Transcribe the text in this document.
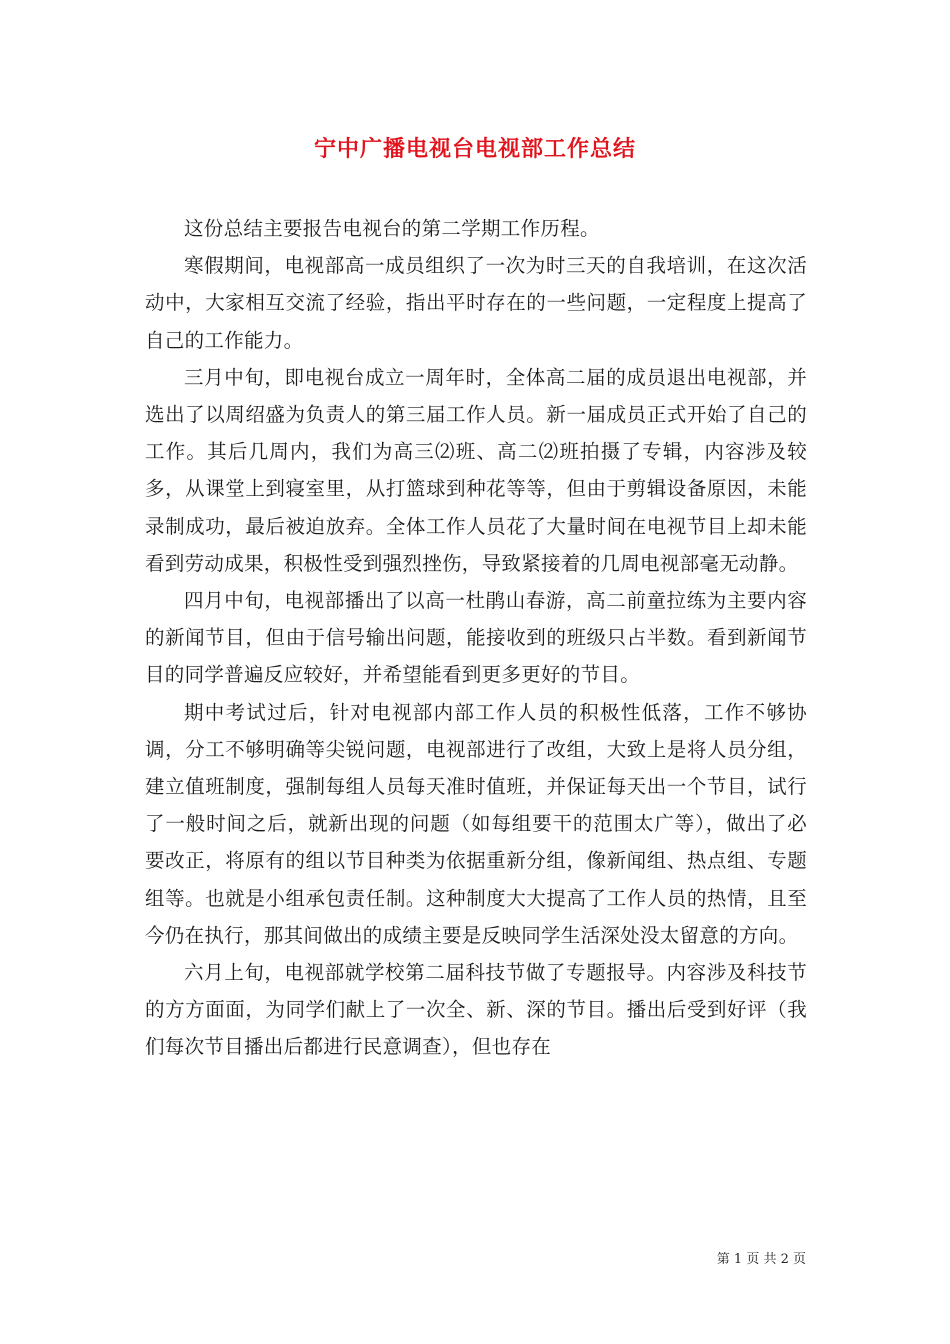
宁中广播电视台电视部工作总结

这份总结主要报告电视台的第二学期工作历程。

寒假期间，电视部高一成员组织了一次为时三天的自我培训，在这次活动中，大家相互交流了经验，指出平时存在的一些问题，一定程度上提高了自己的工作能力。

三月中旬，即电视台成立一周年时，全体高二届的成员退出电视部，并选出了以周绍盛为负责人的第三届工作人员。新一届成员正式开始了自己的工作。其后几周内，我们为高三⑵班、高二⑵班拍摄了专辑，内容涉及较多，从课堂上到寝室里，从打篮球到种花等等，但由于剪辑设备原因，未能录制成功，最后被迫放弃。全体工作人员花了大量时间在电视节目上却未能看到劳动成果，积极性受到强烈挫伤，导致紧接着的几周电视部毫无动静。

四月中旬，电视部播出了以高一杜鹃山春游，高二前童拉练为主要内容的新闻节目，但由于信号输出问题，能接收到的班级只占半数。看到新闻节目的同学普遍反应较好，并希望能看到更多更好的节目。

期中考试过后，针对电视部内部工作人员的积极性低落，工作不够协调，分工不够明确等尖锐问题，电视部进行了改组，大致上是将人员分组，建立值班制度，强制每组人员每天准时值班，并保证每天出一个节目，试行了一般时间之后，就新出现的问题（如每组要干的范围太广等），做出了必要改正，将原有的组以节目种类为依据重新分组，像新闻组、热点组、专题组等。也就是小组承包责任制。这种制度大大提高了工作人员的热情，且至今仍在执行，那其间做出的成绩主要是反映同学生活深处没太留意的方向。

六月上旬，电视部就学校第二届科技节做了专题报导。内容涉及科技节的方方面面，为同学们献上了一次全、新、深的节目。播出后受到好评（我们每次节目播出后都进行民意调查），但也存在

第 1 页 共 2 页
